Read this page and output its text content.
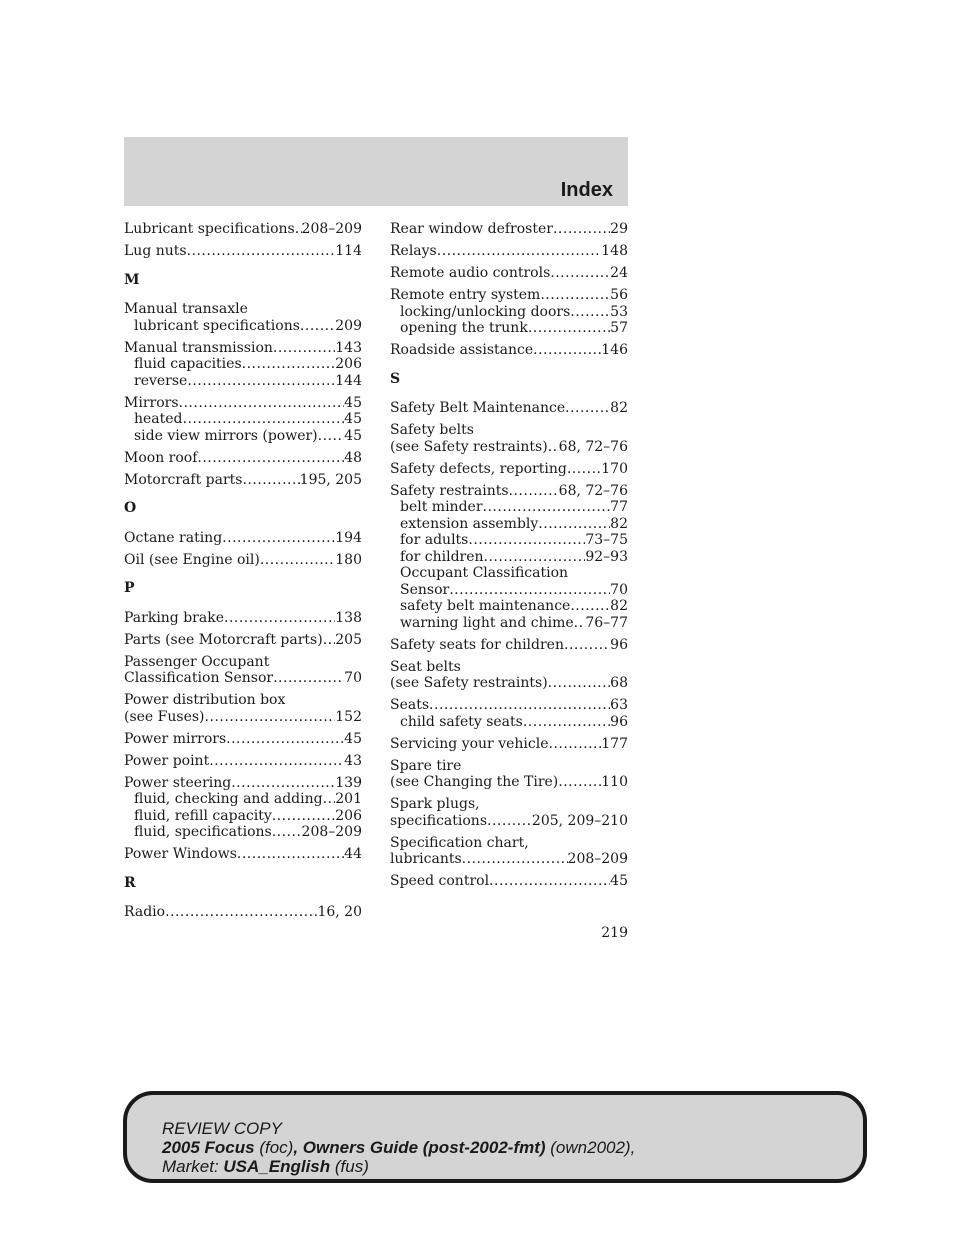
Index
Lubricant specifications ..... 208–209
Lug nuts .....	114
M
Manual transaxle
lubricant specifications .....	209
Manual transmission .....	143
fluid capacities .....	206
reverse .....	144
Mirrors .....	45
heated .....	45
side view mirrors (power) ..... 45
Moon roof .....	48
Motorcraft parts .....	195, 205
O
Octane rating .....	194
Oil (see Engine oil) .....	180
P
Parking brake .....	138
Parts (see Motorcraft parts) ..... 205
Passenger Occupant
Classification Sensor .....	70
Power distribution box
(see Fuses) .....	152
Power mirrors .....	45
Power point .....	43
Power steering .....	139
fluid, checking and adding ..... 201
fluid, refill capacity .....	206
fluid, specifications ..... 208–209
Power Windows .....	44
R
Radio .....	16, 20
Rear window defroster .....	29
Relays .....	148
Remote audio controls .....	24
Remote entry system .....	56
locking/unlocking doors .....	53
opening the trunk .....	57
Roadside assistance .....	146
S
Safety Belt Maintenance .....	82
Safety belts
(see Safety restraints) ..... 68, 72–76
Safety defects, reporting ..... 170
Safety restraints .....	68, 72–76
belt minder .....	77
extension assembly .....	82
for adults .....	73–75
for children .....	92–93
Occupant Classification
Sensor .....	70
safety belt maintenance .....	82
warning light and chime ..... 76–77
Safety seats for children .....	96
Seat belts
(see Safety restraints) .....	68
Seats .....	63
child safety seats .....	96
Servicing your vehicle .....	177
Spare tire
(see Changing the Tire) .....	110
Spark plugs,
specifications .....	205, 209–210
Specification chart,
lubricants .....	208–209
Speed control .....	45
219
REVIEW COPY
2005 Focus (foc), Owners Guide (post-2002-fmt) (own2002),
Market: USA_English (fus)
